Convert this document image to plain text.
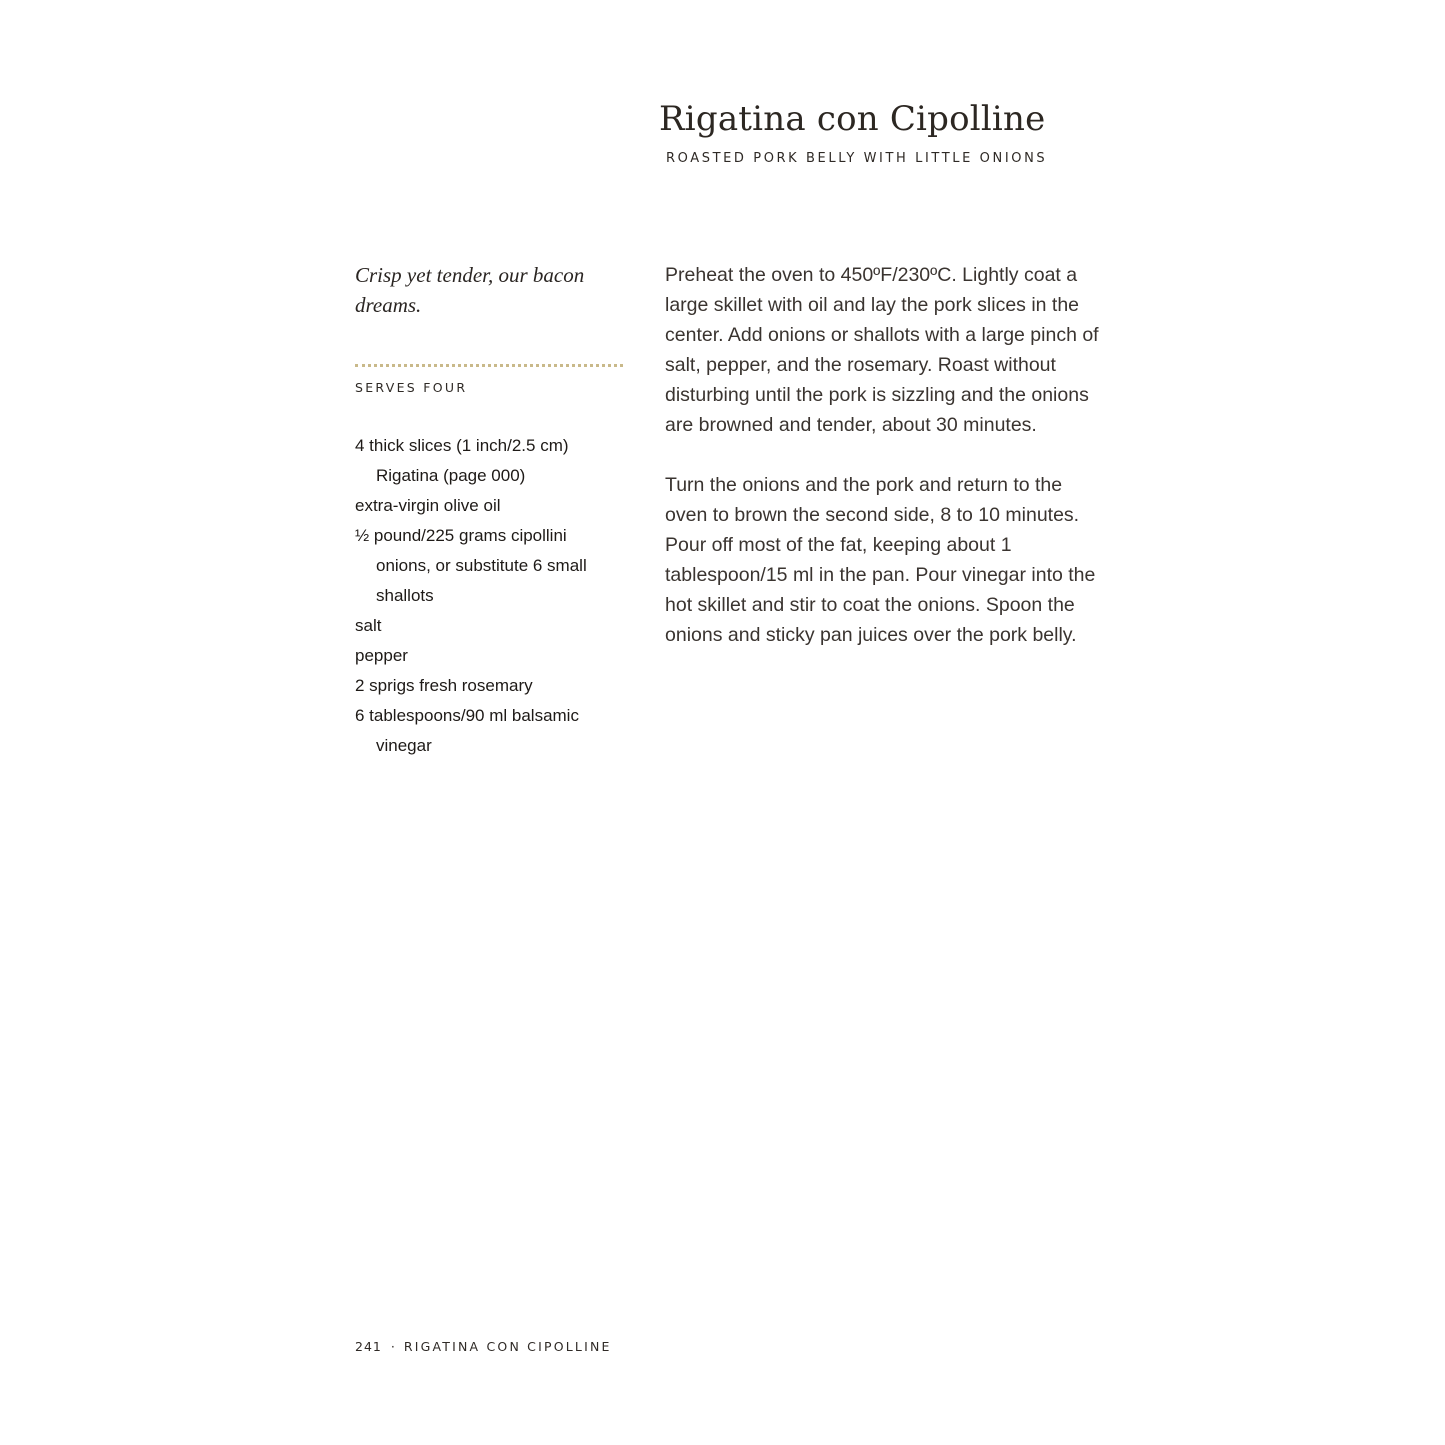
Rigatina con Cipolline
ROASTED PORK BELLY WITH LITTLE ONIONS

Crisp yet tender, our bacon dreams.

SERVES FOUR
4 thick slices (1 inch/2.5 cm) Rigatina (page 000)
extra-virgin olive oil
½ pound/225 grams cipollini onions, or substitute 6 small shallots
salt
pepper
2 sprigs fresh rosemary
6 tablespoons/90 ml balsamic vinegar

Preheat the oven to 450ºF/230ºC. Lightly coat a large skillet with oil and lay the pork slices in the center. Add onions or shallots with a large pinch of salt, pepper, and the rosemary. Roast without disturbing until the pork is sizzling and the onions are browned and tender, about 30 minutes.

Turn the onions and the pork and return to the oven to brown the second side, 8 to 10 minutes. Pour off most of the fat, keeping about 1 tablespoon/15 ml in the pan. Pour vinegar into the hot skillet and stir to coat the onions. Spoon the onions and sticky pan juices over the pork belly.

241 · RIGATINA CON CIPOLLINE
